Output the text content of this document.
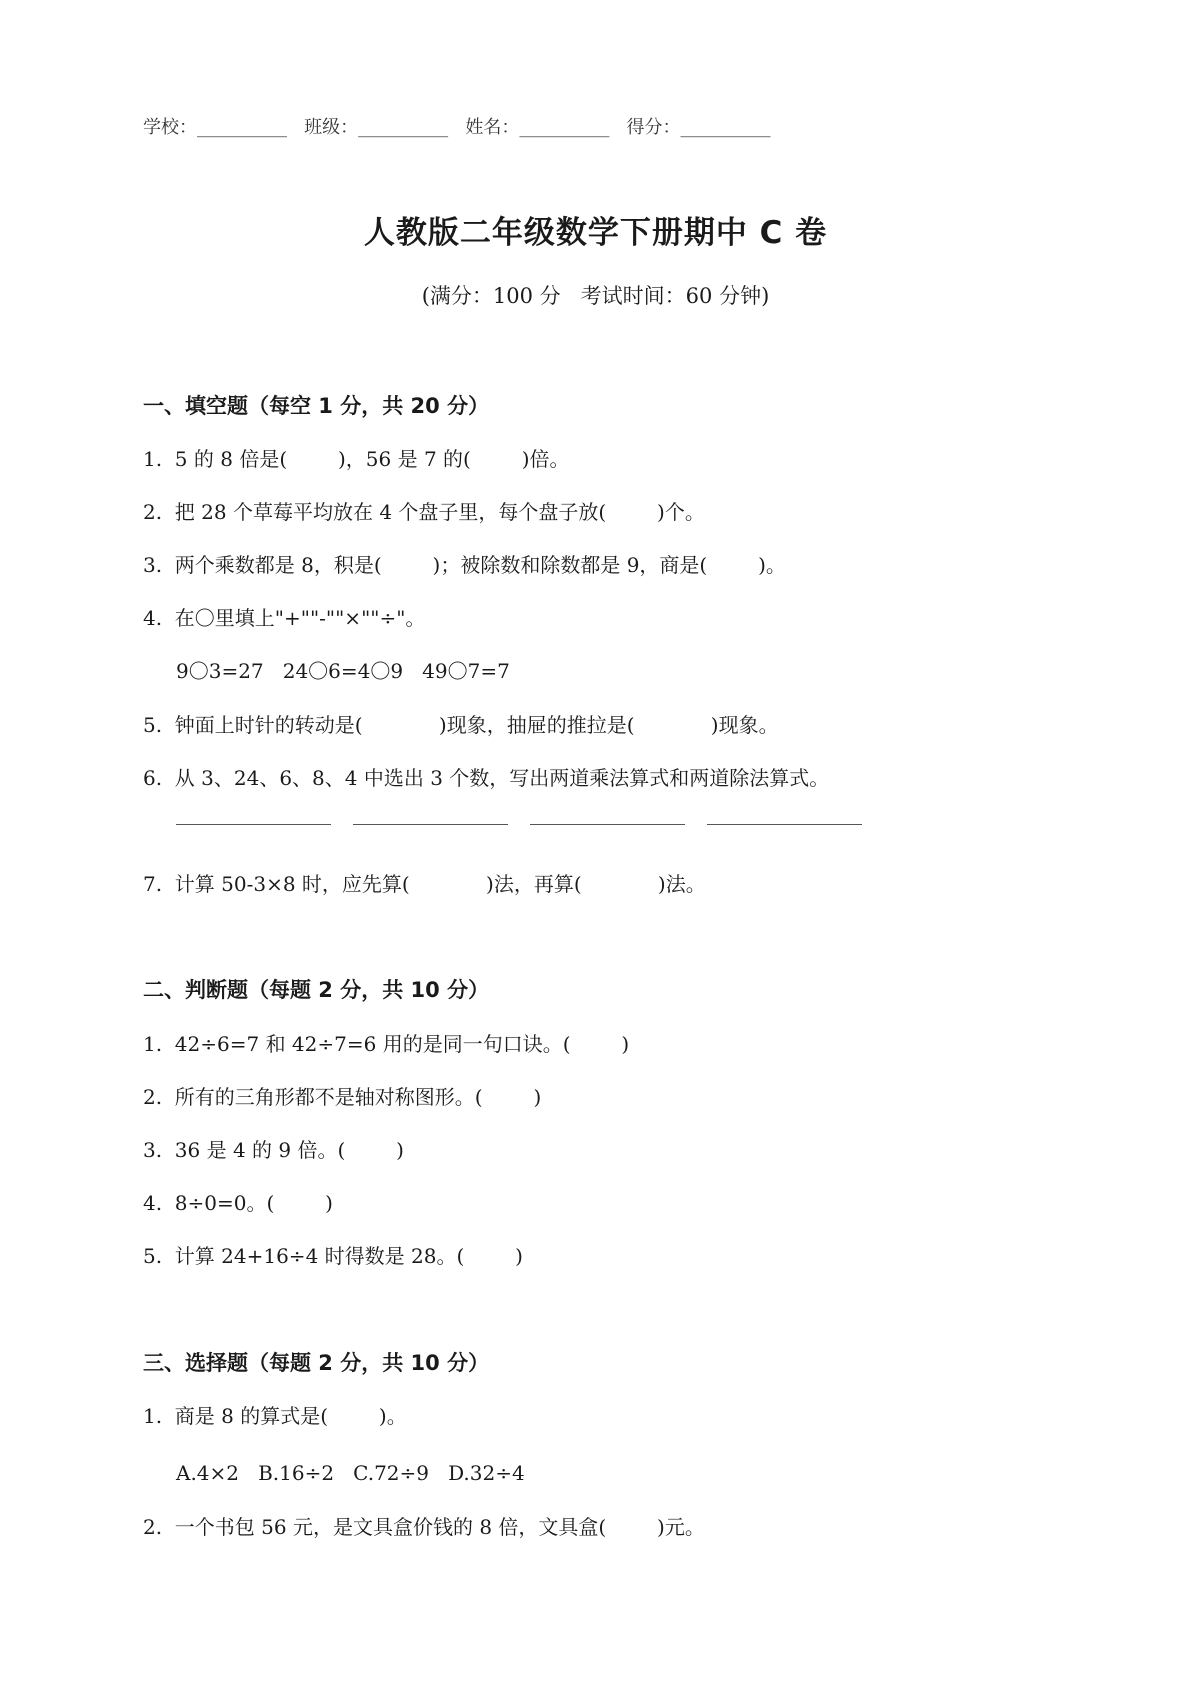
学校：__________   班级：__________   姓名：__________   得分：__________
人教版二年级数学下册期中 C 卷
(满分：100 分   考试时间：60 分钟)
一、填空题（每空 1 分，共 20 分）
1.  5 的 8 倍是(        )，56 是 7 的(        )倍。
2.  把 28 个草莓平均放在 4 个盘子里，每个盘子放(        )个。
3.  两个乘数都是 8，积是(        )；被除数和除数都是 9，商是(        )。
4.  在〇里填上"+""-""×""÷"。
9〇3=27   24〇6=4〇9   49〇7=7
5.  钟面上时针的转动是(            )现象，抽屉的推拉是(            )现象。
6.  从 3、24、6、8、4 中选出 3 个数，写出两道乘法算式和两道除法算式。
7.  计算 50-3×8 时，应先算(            )法，再算(            )法。
二、判断题（每题 2 分，共 10 分）
1.  42÷6=7 和 42÷7=6 用的是同一句口诀。(        )
2.  所有的三角形都不是轴对称图形。(        )
3.  36 是 4 的 9 倍。(        )
4.  8÷0=0。(        )
5.  计算 24+16÷4 时得数是 28。(        )
三、选择题（每题 2 分，共 10 分）
1.  商是 8 的算式是(        )。
A.4×2   B.16÷2   C.72÷9   D.32÷4
2.  一个书包 56 元，是文具盒价钱的 8 倍，文具盒(        )元。
